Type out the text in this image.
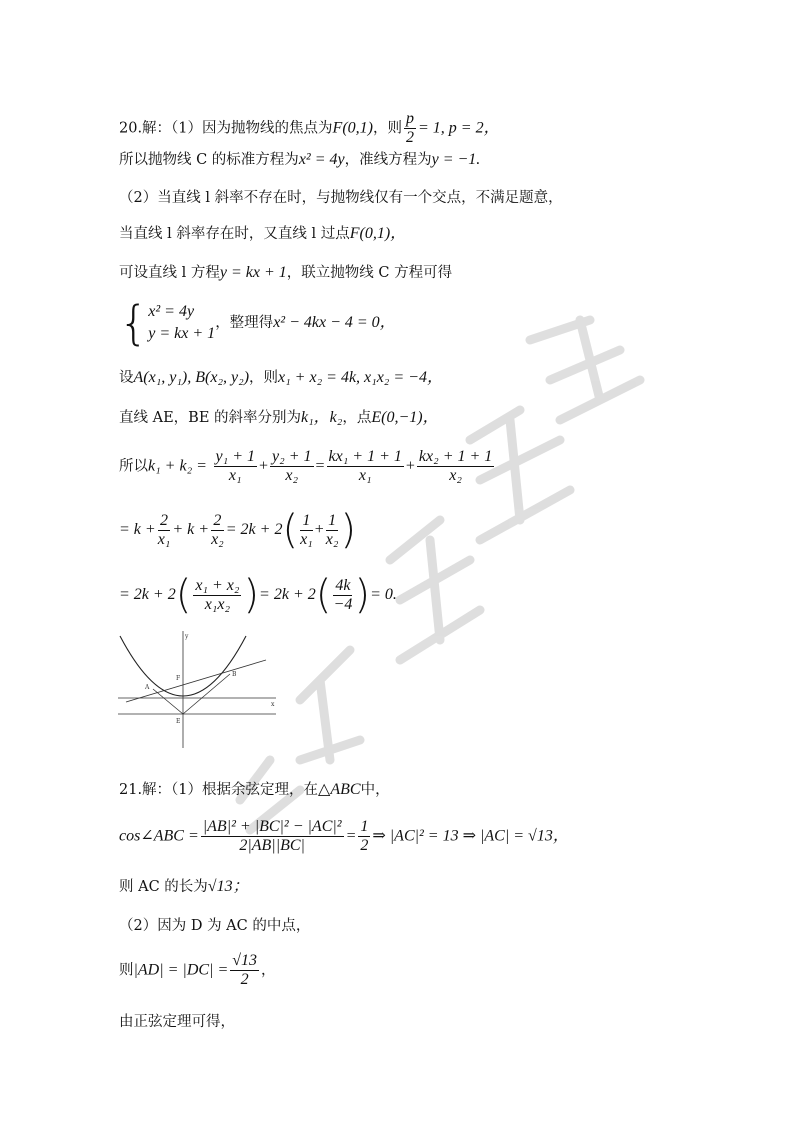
20.解：（1）因为抛物线的焦点为F(0,1)，则 $\frac{p}{2} = 1$, p = 2，
所以抛物线 C 的标准方程为x² = 4y，准线方程为y = −1.
（2）当直线 l 斜率不存在时，与抛物线仅有一个交点，不满足题意，
当直线 l 斜率存在时，又直线 l 过点F(0,1)，
可设直线 l 方程y = kx + 1，联立抛物线 C 方程可得
{ x² = 4y
y = kx + 1
，整理得x² − 4kx − 4 = 0，
设A(x₁, y₁), B(x₂, y₂)，则x₁ + x₂ = 4k, x₁x₂ = −4，
直线 AE，BE 的斜率分别为k₁，k₂，点E(0,−1)，
所以$k_1 + k_2 = \frac{\text{y₁ + 1}}{\text{x₁}} + \frac{\text{y₂ + 1}}{\text{x₂}} = \frac{\text{kx₁ + 1 + 1}}{\text{x₁}} + \frac{\text{kx₂ + 1 + 1}}{\text{x₂}}$
= $k + \frac{2}{\text{x₁}} + k + \frac{2}{\text{x₂}} = 2k + 2( \frac{1}{\text{x₁}} + \frac{1}{\text{x₂}}$ )
= $2k + 2( \frac{\text{x₁ + x₂}}{\text{x₁x₂}}$ )= $2k + 2( \frac{4k}{-4}$ )= 0.
A
B
F
E
x
y
21.解：（1）根据余弦定理，在△ABC中，
cos∠ABC = $\frac{\text{|AB|² + |BC|² − |AC|²}}{2|AB||BC|} = \frac{1}{2}$ ⇒ |AC|² = 13 ⇒ |AC| = √13，
则 AC 的长为√13；
（2）因为 D 为 AC 的中点，
则$|AD| = |DC| = \frac{√13}{2}$ ，
由正弦定理可得，
